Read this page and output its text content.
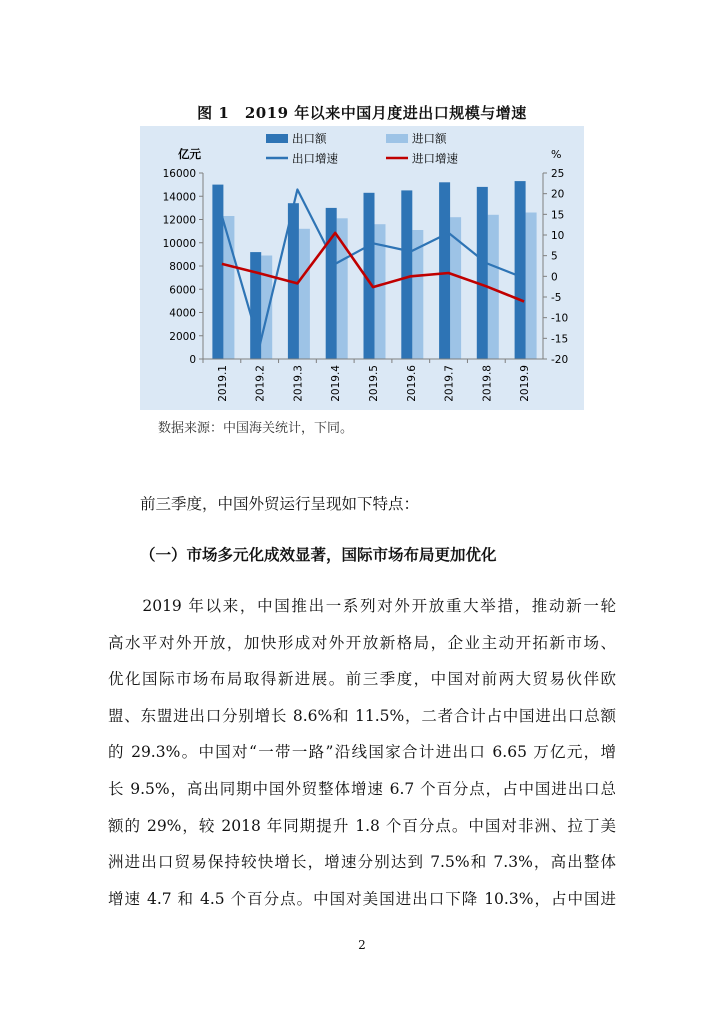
图 1　2019 年以来中国月度进出口规模与增速
出口额	进口额
出口增速	进口增速
亿元	%
0
2000
4000
6000
8000
10000
12000
14000
16000
-20
-15
-10
-5
0
5
10
15
20
25
2019.1 2019.2 2019.3 2019.4 2019.5 2019.6 2019.7 2019.8 2019.9
数据来源：中国海关统计，下同。
前三季度，中国外贸运行呈现如下特点：
（一）市场多元化成效显著，国际市场布局更加优化
　　2019 年以来，中国推出一系列对外开放重大举措，推动新一轮
高水平对外开放，加快形成对外开放新格局，企业主动开拓新市场、
优化国际市场布局取得新进展。前三季度，中国对前两大贸易伙伴欧
盟、东盟进出口分别增长 8.6%和 11.5%，二者合计占中国进出口总额
的 29.3%。中国对“一带一路”沿线国家合计进出口 6.65 万亿元，增
长 9.5%，高出同期中国外贸整体增速 6.7 个百分点，占中国进出口总
额的 29%，较 2018 年同期提升 1.8 个百分点。中国对非洲、拉丁美
洲进出口贸易保持较快增长，增速分别达到 7.5%和 7.3%，高出整体
增速 4.7 和 4.5 个百分点。中国对美国进出口下降 10.3%，占中国进
2
